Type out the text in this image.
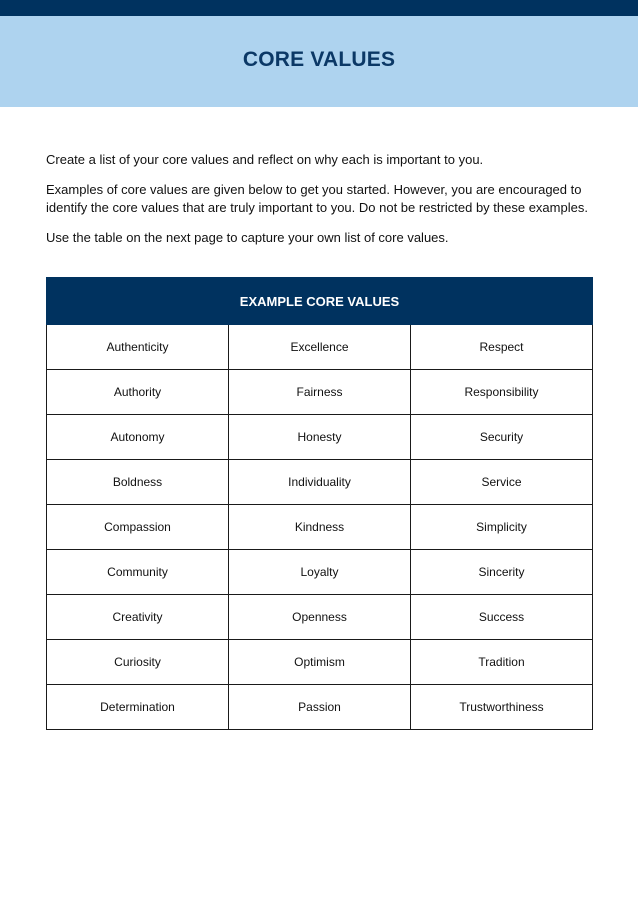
CORE VALUES

Create a list of your core values and reflect on why each is important to you.

Examples of core values are given below to get you started. However, you are encouraged to identify the core values that are truly important to you. Do not be restricted by these examples.

Use the table on the next page to capture your own list of core values.

EXAMPLE CORE VALUES		
Authenticity	Excellence	Respect
Authority	Fairness	Responsibility
Autonomy	Honesty	Security
Boldness	Individuality	Service
Compassion	Kindness	Simplicity
Community	Loyalty	Sincerity
Creativity	Openness	Success
Curiosity	Optimism	Tradition
Determination	Passion	Trustworthiness
